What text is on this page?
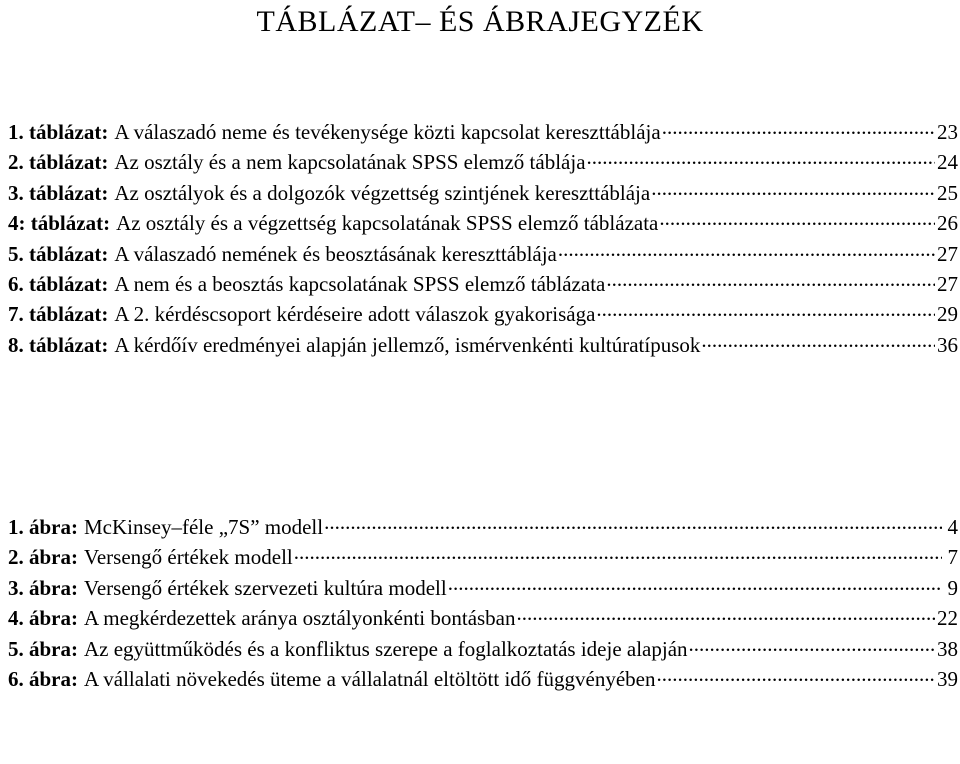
TÁBLÁZAT– ÉS ÁBRAJEGYZÉK
1. táblázat: A válaszadó neme és tevékenysége közti kapcsolat kereszttáblája .....	23
2. táblázat: Az osztály és a nem kapcsolatának SPSS elemző táblája .....	24
3. táblázat: Az osztályok és a dolgozók végzettség szintjének kereszttáblája .....	25
4: táblázat: Az osztály és a végzettség kapcsolatának SPSS elemző táblázata .....	26
5. táblázat: A válaszadó nemének és beosztásának kereszttáblája .....	27
6. táblázat: A nem és a beosztás kapcsolatának SPSS elemző táblázata .....	27
7. táblázat: A 2. kérdéscsoport kérdéseire adott válaszok gyakorisága .....	29
8. táblázat: A kérdőív eredményei alapján jellemző, ismérvenkénti kultúratípusok .....	36
1. ábra: McKinsey–féle „7S” modell .....	4
2. ábra: Versengő értékek modell .....	7
3. ábra: Versengő értékek szervezeti kultúra modell .....	9
4. ábra: A megkérdezettek aránya osztályonkénti bontásban .....	22
5. ábra: Az együttműködés és a konfliktus szerepe a foglalkoztatás ideje alapján .....	38
6. ábra: A vállalati növekedés üteme a vállalatnál eltöltött idő függvényében .....	39
